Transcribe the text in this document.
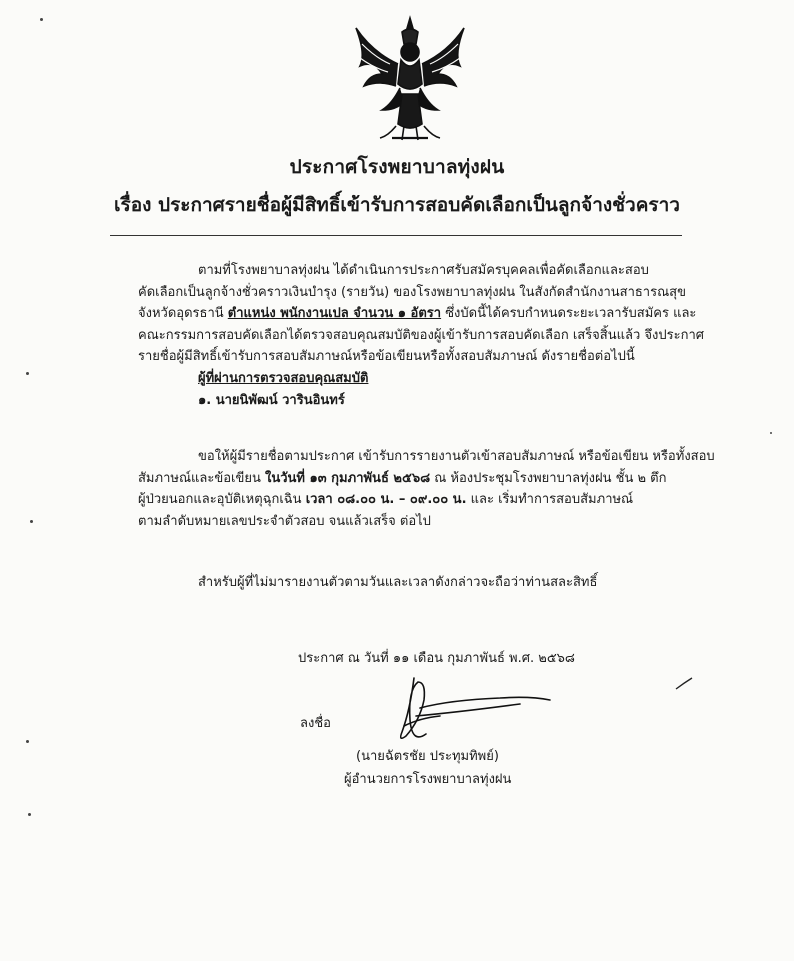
ประกาศโรงพยาบาลทุ่งฝน
เรื่อง ประกาศรายชื่อผู้มีสิทธิ์เข้ารับการสอบคัดเลือกเป็นลูกจ้างชั่วคราว
ตามที่โรงพยาบาลทุ่งฝน ได้ดำเนินการประกาศรับสมัครบุคคลเพื่อคัดเลือกและสอบ
คัดเลือกเป็นลูกจ้างชั่วคราวเงินบำรุง (รายวัน) ของโรงพยาบาลทุ่งฝน ในสังกัดสำนักงานสาธารณสุข
จังหวัดอุดรธานี ตำแหน่ง พนักงานเปล จำนวน ๑ อัตรา ซึ่งบัดนี้ได้ครบกำหนดระยะเวลารับสมัคร และ
คณะกรรมการสอบคัดเลือกได้ตรวจสอบคุณสมบัติของผู้เข้ารับการสอบคัดเลือก เสร็จสิ้นแล้ว จึงประกาศ
รายชื่อผู้มีสิทธิ์เข้ารับการสอบสัมภาษณ์หรือข้อเขียนหรือทั้งสอบสัมภาษณ์ ดังรายชื่อต่อไปนี้
ผู้ที่ผ่านการตรวจสอบคุณสมบัติ
๑. นายนิพัฒน์ วารินอินทร์
ขอให้ผู้มีรายชื่อตามประกาศ เข้ารับการรายงานตัวเข้าสอบสัมภาษณ์ หรือข้อเขียน หรือทั้งสอบ
สัมภาษณ์และข้อเขียน ในวันที่ ๑๓ กุมภาพันธ์ ๒๕๖๘ ณ ห้องประชุมโรงพยาบาลทุ่งฝน ชั้น ๒ ตึก
ผู้ป่วยนอกและอุบัติเหตุฉุกเฉิน เวลา ๐๘.๐๐ น. – ๐๙.๐๐ น. และ เริ่มทำการสอบสัมภาษณ์
ตามลำดับหมายเลขประจำตัวสอบ จนแล้วเสร็จ ต่อไป
สำหรับผู้ที่ไม่มารายงานตัวตามวันและเวลาดังกล่าวจะถือว่าท่านสละสิทธิ์
ประกาศ ณ วันที่ ๑๑ เดือน กุมภาพันธ์ พ.ศ. ๒๕๖๘
ลงชื่อ
(นายฉัตรชัย ประทุมทิพย์)
ผู้อำนวยการโรงพยาบาลทุ่งฝน
